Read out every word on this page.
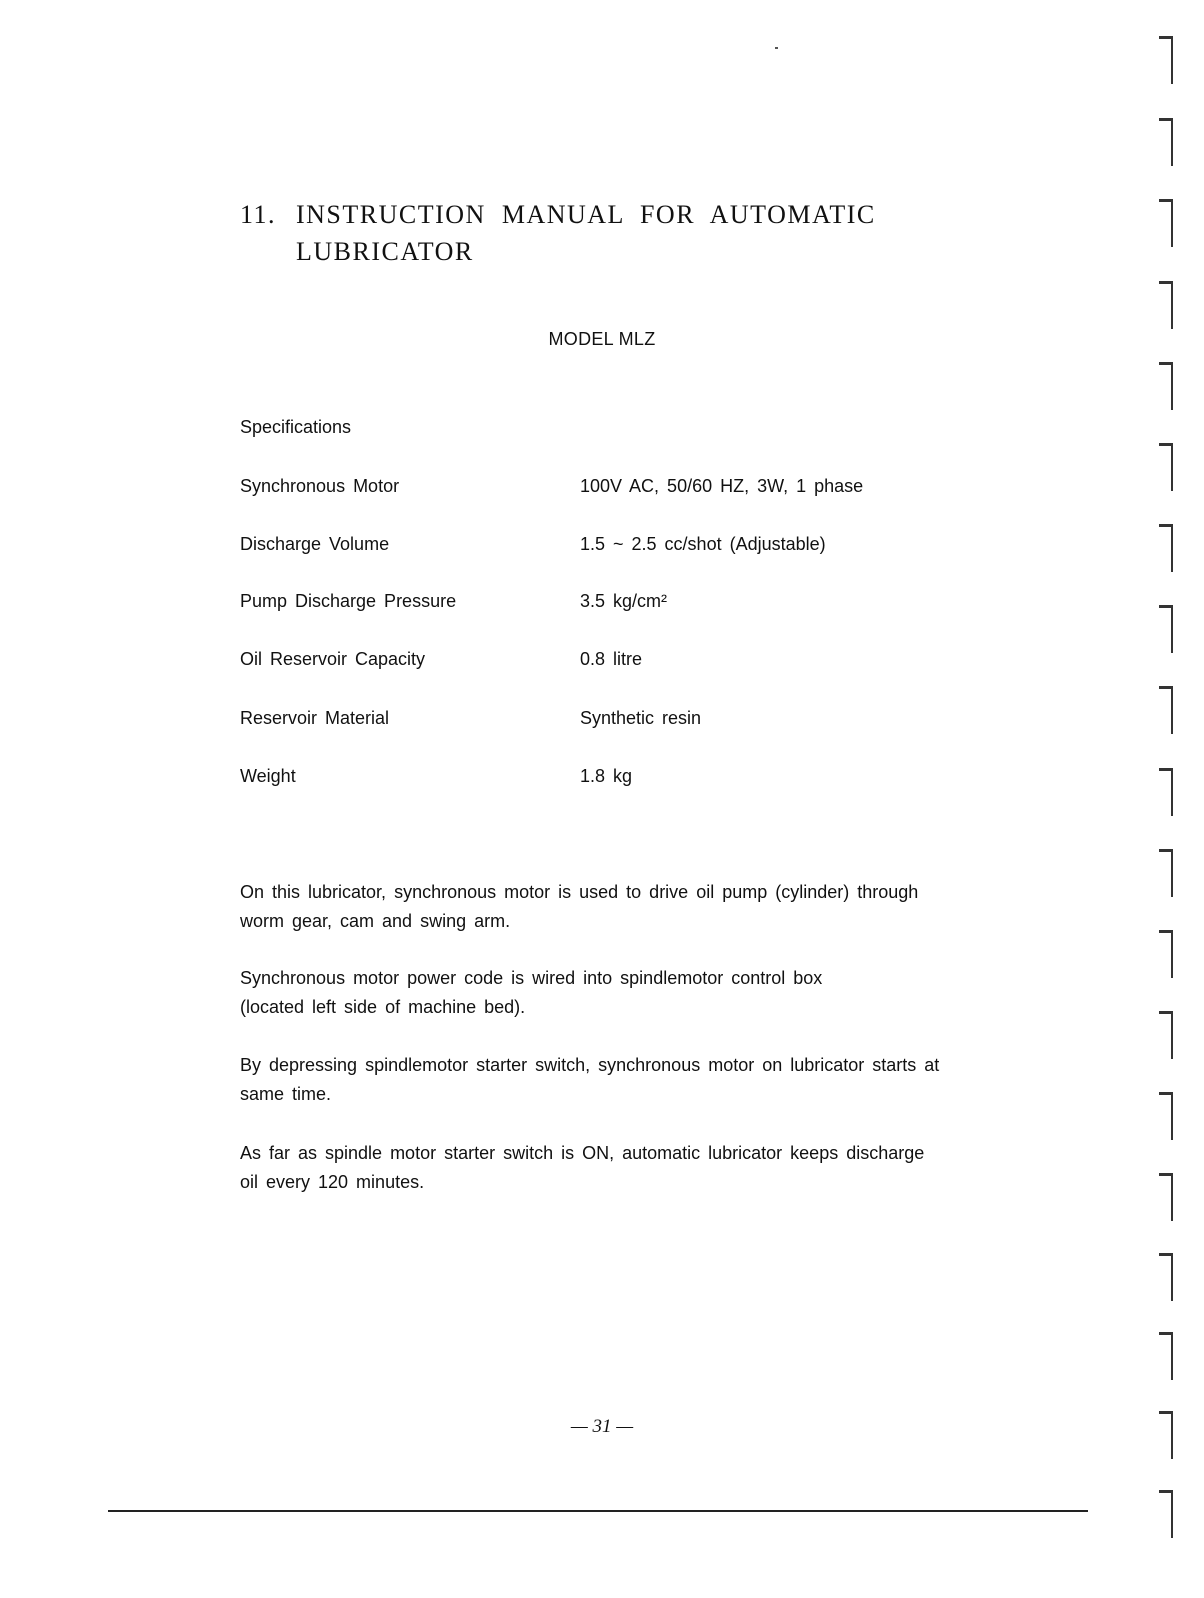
11. INSTRUCTION MANUAL FOR AUTOMATIC
LUBRICATOR
MODEL MLZ
Specifications
Synchronous Motor	100V AC, 50/60 HZ, 3W, 1 phase
Discharge Volume	1.5 ~ 2.5 cc/shot (Adjustable)
Pump Discharge Pressure	3.5 kg/cm²
Oil Reservoir Capacity	0.8 litre
Reservoir Material	Synthetic resin
Weight	1.8 kg

On this lubricator, synchronous motor is used to drive oil pump (cylinder) through
worm gear, cam and swing arm.

Synchronous motor power code is wired into spindlemotor control box
(located left side of machine bed).

By depressing spindlemotor starter switch, synchronous motor on lubricator starts at
same time.

As far as spindle motor starter switch is ON, automatic lubricator keeps discharge
oil every 120 minutes.

— 31 —
